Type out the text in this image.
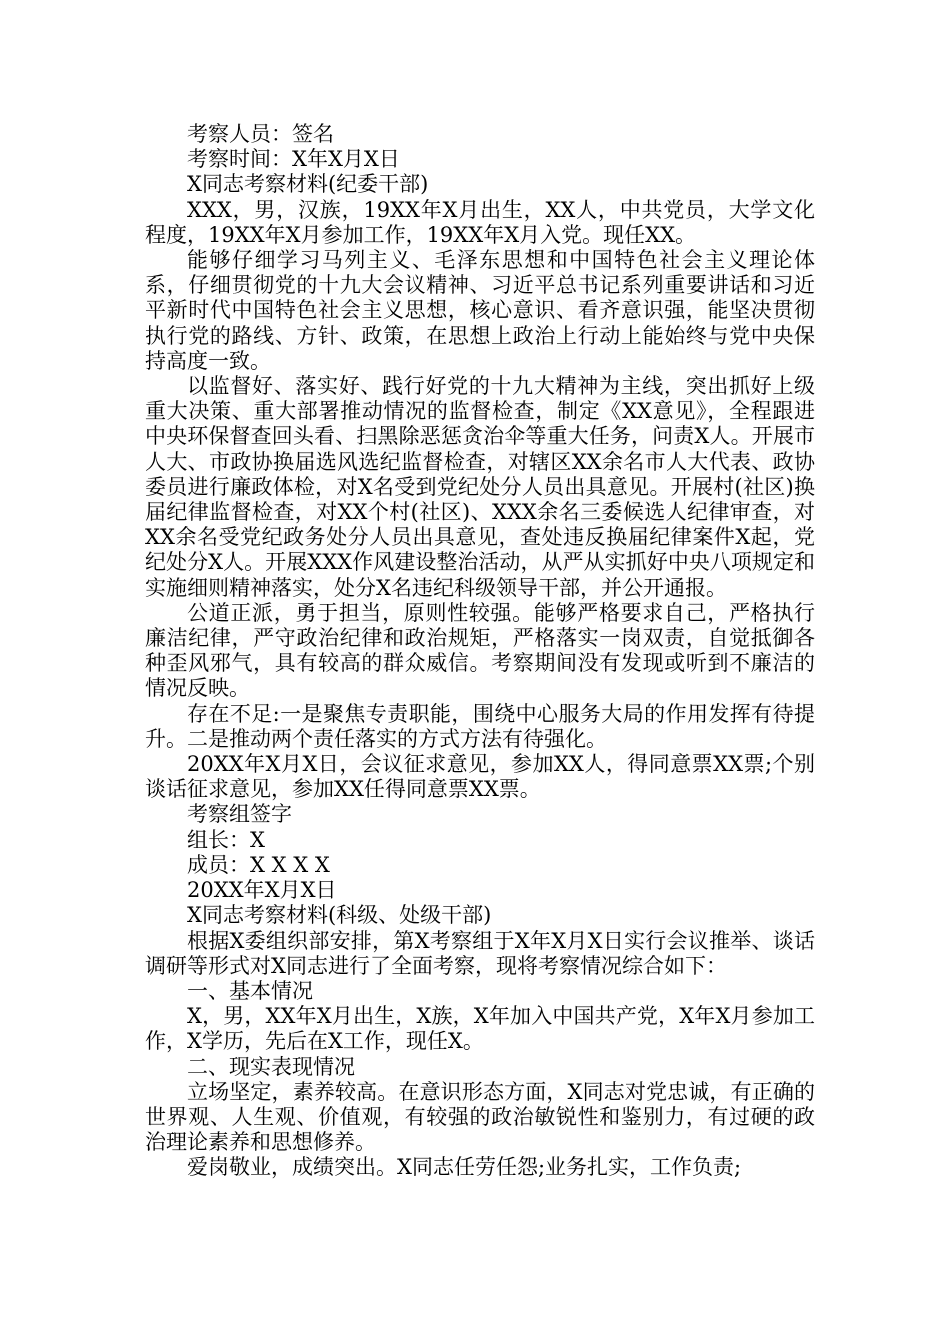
考察人员：签名

考察时间：X年X月X日

X同志考察材料(纪委干部)

XXX，男，汉族，19XX年X月出生，XX人，中共党员，大学文化程度，19XX年X月参加工作，19XX年X月入党。现任XX。

能够仔细学习马列主义、毛泽东思想和中国特色社会主义理论体系，仔细贯彻党的十九大会议精神、习近平总书记系列重要讲话和习近平新时代中国特色社会主义思想，核心意识、看齐意识强，能坚决贯彻执行党的路线、方针、政策，在思想上政治上行动上能始终与党中央保持高度一致。

以监督好、落实好、践行好党的十九大精神为主线，突出抓好上级重大决策、重大部署推动情况的监督检查，制定《XX意见》，全程跟进中央环保督查回头看、扫黑除恶惩贪治伞等重大任务，问责X人。开展市人大、市政协换届选风选纪监督检查，对辖区XX余名市人大代表、政协委员进行廉政体检，对X名受到党纪处分人员出具意见。开展村(社区)换届纪律监督检查，对XX个村(社区)、XXX余名三委候选人纪律审查，对XX余名受党纪政务处分人员出具意见，查处违反换届纪律案件X起，党纪处分X人。开展XXX作风建设整治活动，从严从实抓好中央八项规定和实施细则精神落实，处分X名违纪科级领导干部，并公开通报。

公道正派，勇于担当，原则性较强。能够严格要求自己，严格执行廉洁纪律，严守政治纪律和政治规矩，严格落实一岗双责，自觉抵御各种歪风邪气，具有较高的群众威信。考察期间没有发现或听到不廉洁的情况反映。

存在不足:一是聚焦专责职能，围绕中心服务大局的作用发挥有待提升。二是推动两个责任落实的方式方法有待强化。

20XX年X月X日，会议征求意见，参加XX人，得同意票XX票;个别谈话征求意见，参加XX任得同意票XX票。

考察组签字

组长：X

成员：X X X X

20XX年X月X日

X同志考察材料(科级、处级干部)

根据X委组织部安排，第X考察组于X年X月X日实行会议推举、谈话调研等形式对X同志进行了全面考察，现将考察情况综合如下：

一、基本情况

X，男，XX年X月出生，X族，X年加入中国共产党，X年X月参加工作，X学历，先后在X工作，现任X。

二、现实表现情况

立场坚定，素养较高。在意识形态方面，X同志对党忠诚，有正确的世界观、人生观、价值观，有较强的政治敏锐性和鉴别力，有过硬的政治理论素养和思想修养。

爱岗敬业，成绩突出。X同志任劳任怨;业务扎实，工作负责;
